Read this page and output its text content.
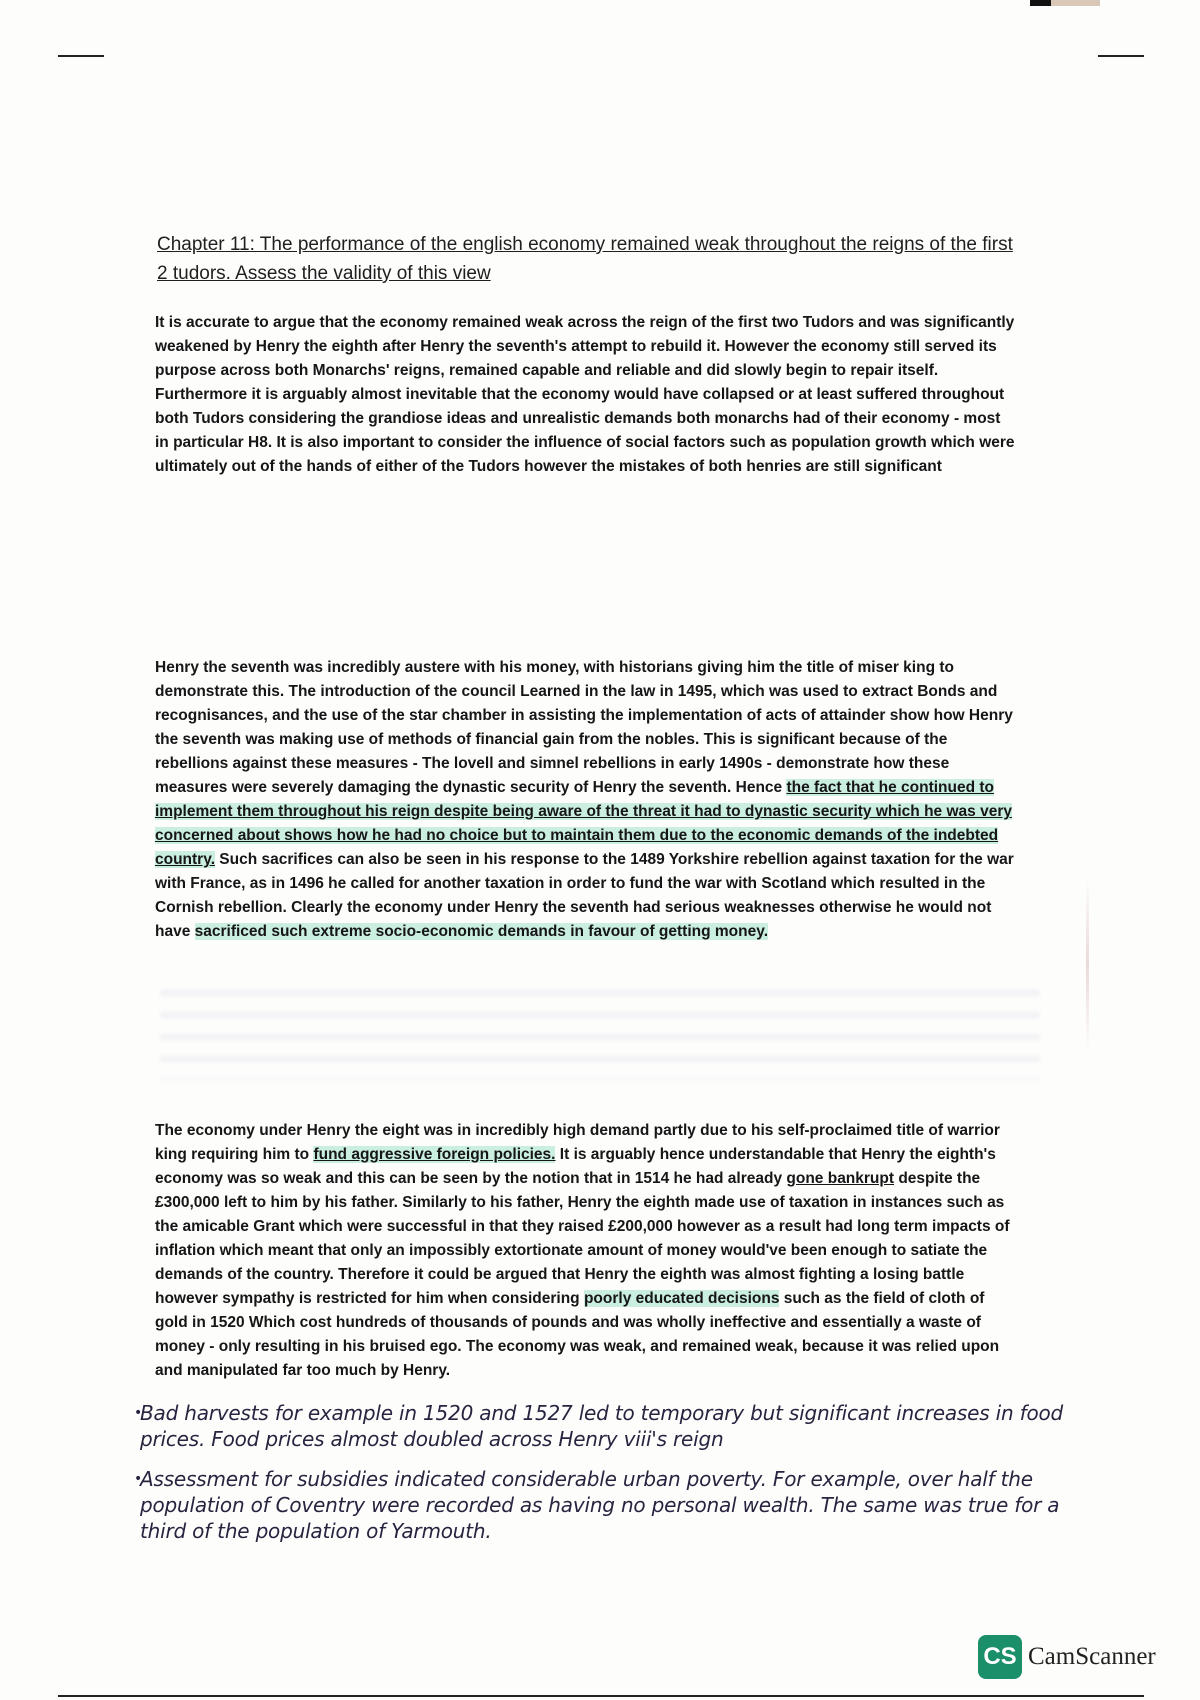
Chapter 11: The performance of the english economy remained weak throughout the reigns of the first 2 tudors. Assess the validity of this view
It is accurate to argue that the economy remained weak across the reign of the first two Tudors and was significantly weakened by Henry the eighth after Henry the seventh's attempt to rebuild it. However the economy still served its purpose across both Monarchs' reigns, remained capable and reliable and did slowly begin to repair itself. Furthermore it is arguably almost inevitable that the economy would have collapsed or at least suffered throughout both Tudors considering the grandiose ideas and unrealistic demands both monarchs had of their economy - most in particular H8. It is also important to consider the influence of social factors such as population growth which were ultimately out of the hands of either of the Tudors however the mistakes of both henries are still significant
Henry the seventh was incredibly austere with his money, with historians giving him the title of miser king to demonstrate this. The introduction of the council Learned in the law in 1495, which was used to extract Bonds and recognisances, and the use of the star chamber in assisting the implementation of acts of attainder show how Henry the seventh was making use of methods of financial gain from the nobles. This is significant because of the rebellions against these measures - The lovell and simnel rebellions in early 1490s - demonstrate how these measures were severely damaging the dynastic security of Henry the seventh. Hence the fact that he continued to implement them throughout his reign despite being aware of the threat it had to dynastic security which he was very concerned about shows how he had no choice but to maintain them due to the economic demands of the indebted country. Such sacrifices can also be seen in his response to the 1489 Yorkshire rebellion against taxation for the war with France, as in 1496 he called for another taxation in order to fund the war with Scotland which resulted in the Cornish rebellion. Clearly the economy under Henry the seventh had serious weaknesses otherwise he would not have sacrificed such extreme socio-economic demands in favour of getting money.
The economy under Henry the eight was in incredibly high demand partly due to his self-proclaimed title of warrior king requiring him to fund aggressive foreign policies. It is arguably hence understandable that Henry the eighth's economy was so weak and this can be seen by the notion that in 1514 he had already gone bankrupt despite the £300,000 left to him by his father. Similarly to his father, Henry the eighth made use of taxation in instances such as the amicable Grant which were successful in that they raised £200,000 however as a result had long term impacts of inflation which meant that only an impossibly extortionate amount of money would've been enough to satiate the demands of the country. Therefore it could be argued that Henry the eighth was almost fighting a losing battle however sympathy is restricted for him when considering poorly educated decisions such as the field of cloth of gold in 1520 Which cost hundreds of thousands of pounds and was wholly ineffective and essentially a waste of money - only resulting in his bruised ego. The economy was weak, and remained weak, because it was relied upon and manipulated far too much by Henry.
•
Bad harvests for example in 1520 and 1527 led to temporary but significant increases in food prices. Food prices almost doubled across Henry viii's reign
•
Assessment for subsidies indicated considerable urban poverty. For example, over half the population of Coventry were recorded as having no personal wealth. The same was true for a third of the population of Yarmouth.
CS CamScanner
